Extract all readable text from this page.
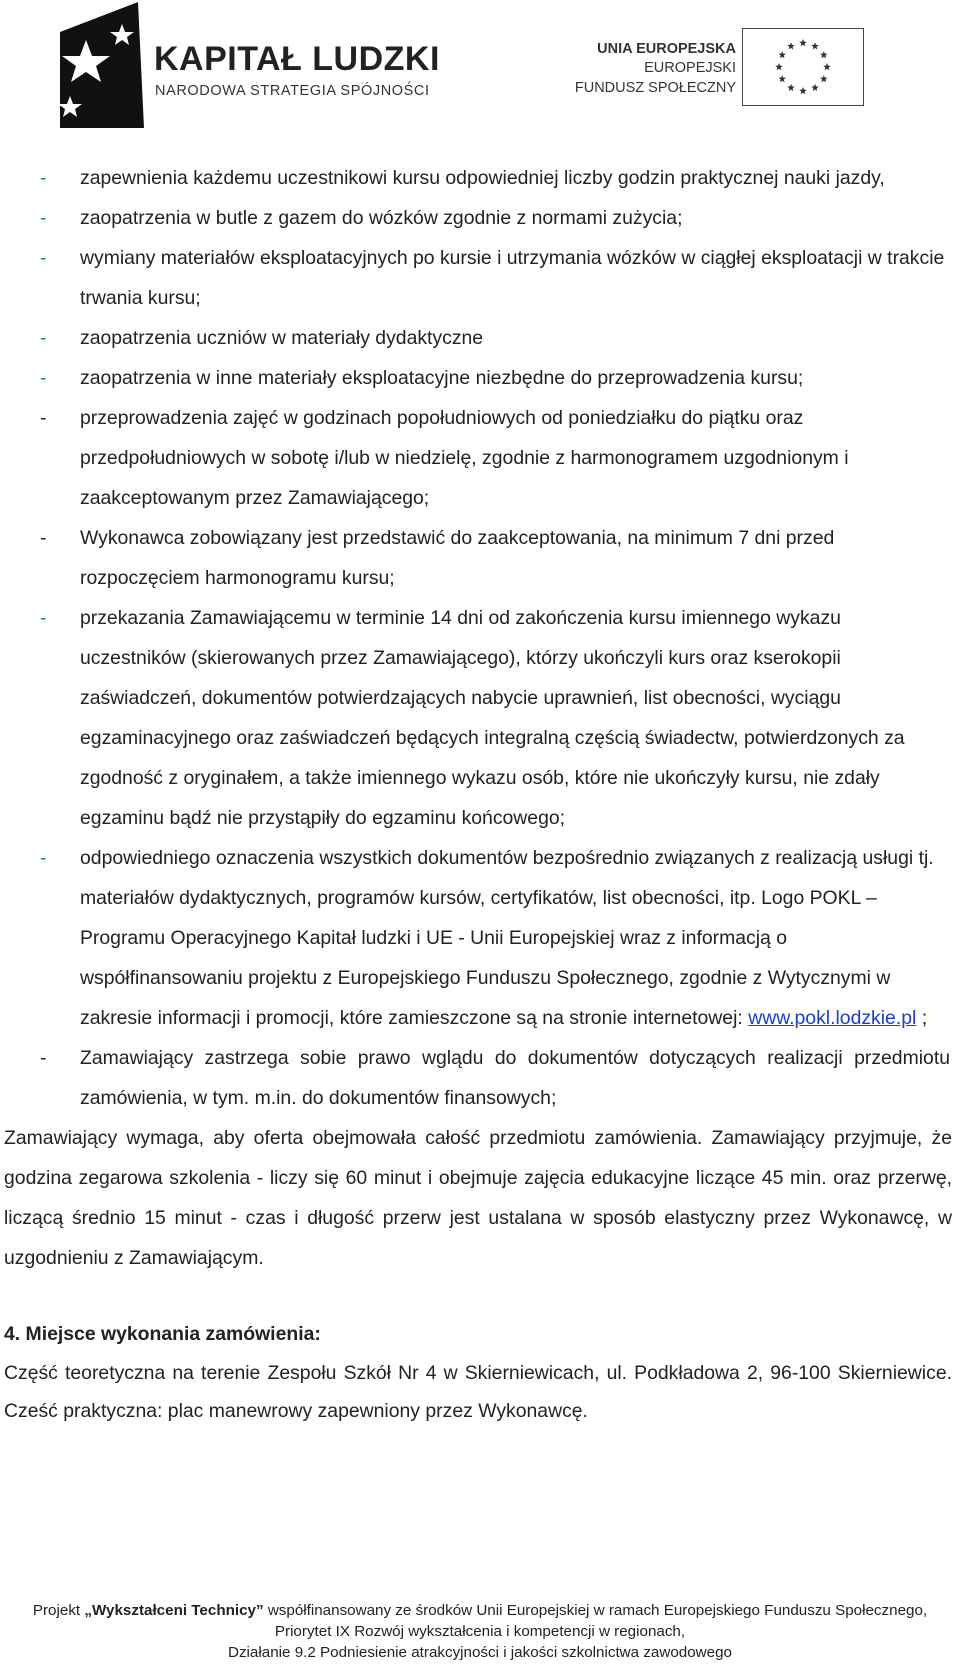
KAPITAŁ LUDZKI
NARODOWA STRATEGIA SPÓJNOŚCI
UNIA EUROPEJSKA
EUROPEJSKI
FUNDUSZ SPOŁECZNY
- zapewnienia każdemu uczestnikowi kursu odpowiedniej liczby godzin praktycznej nauki jazdy,
- zaopatrzenia w butle z gazem do wózków zgodnie z normami zużycia;
- wymiany materiałów eksploatacyjnych po kursie i utrzymania wózków w ciągłej eksploatacji w trakcie trwania kursu;
- zaopatrzenia uczniów w materiały dydaktyczne
- zaopatrzenia w inne materiały eksploatacyjne niezbędne do przeprowadzenia kursu;
- przeprowadzenia zajęć w godzinach popołudniowych od poniedziałku do piątku oraz przedpołudniowych w sobotę i/lub w niedzielę, zgodnie z harmonogramem uzgodnionym i zaakceptowanym przez Zamawiającego;
- Wykonawca zobowiązany jest przedstawić do zaakceptowania, na minimum 7 dni przed rozpoczęciem harmonogramu kursu;
- przekazania Zamawiającemu w terminie 14 dni od zakończenia kursu imiennego wykazu uczestników (skierowanych przez Zamawiającego), którzy ukończyli kurs oraz kserokopii zaświadczeń, dokumentów potwierdzających nabycie uprawnień, list obecności, wyciągu egzaminacyjnego oraz zaświadczeń będących integralną częścią świadectw, potwierdzonych za zgodność z oryginałem, a także imiennego wykazu osób, które nie ukończyły kursu, nie zdały egzaminu bądź nie przystąpiły do egzaminu końcowego;
- odpowiedniego oznaczenia wszystkich dokumentów bezpośrednio związanych z realizacją usługi tj. materiałów dydaktycznych, programów kursów, certyfikatów, list obecności, itp. Logo POKL – Programu Operacyjnego Kapitał ludzki i UE - Unii Europejskiej wraz z informacją o współfinansowaniu projektu z Europejskiego Funduszu Społecznego, zgodnie z Wytycznymi w zakresie informacji i promocji, które zamieszczone są na stronie internetowej: www.pokl.lodzkie.pl ;
- Zamawiający zastrzega sobie prawo wglądu do dokumentów dotyczących realizacji przedmiotu zamówienia, w tym. m.in. do dokumentów finansowych;
Zamawiający wymaga, aby oferta obejmowała całość przedmiotu zamówienia. Zamawiający przyjmuje, że godzina zegarowa szkolenia - liczy się 60 minut i obejmuje zajęcia edukacyjne liczące 45 min. oraz przerwę, liczącą średnio 15 minut - czas i długość przerw jest ustalana w sposób elastyczny przez Wykonawcę, w uzgodnieniu z Zamawiającym.
4. Miejsce wykonania zamówienia:
Część teoretyczna na terenie Zespołu Szkół Nr 4 w Skierniewicach, ul. Podkładowa 2, 96-100 Skierniewice. Cześć praktyczna: plac manewrowy zapewniony przez Wykonawcę.
Projekt „Wykształceni Technicy” współfinansowany ze środków Unii Europejskiej w ramach Europejskiego Funduszu Społecznego,
Priorytet IX Rozwój wykształcenia i kompetencji w regionach,
Działanie 9.2 Podniesienie atrakcyjności i jakości szkolnictwa zawodowego
